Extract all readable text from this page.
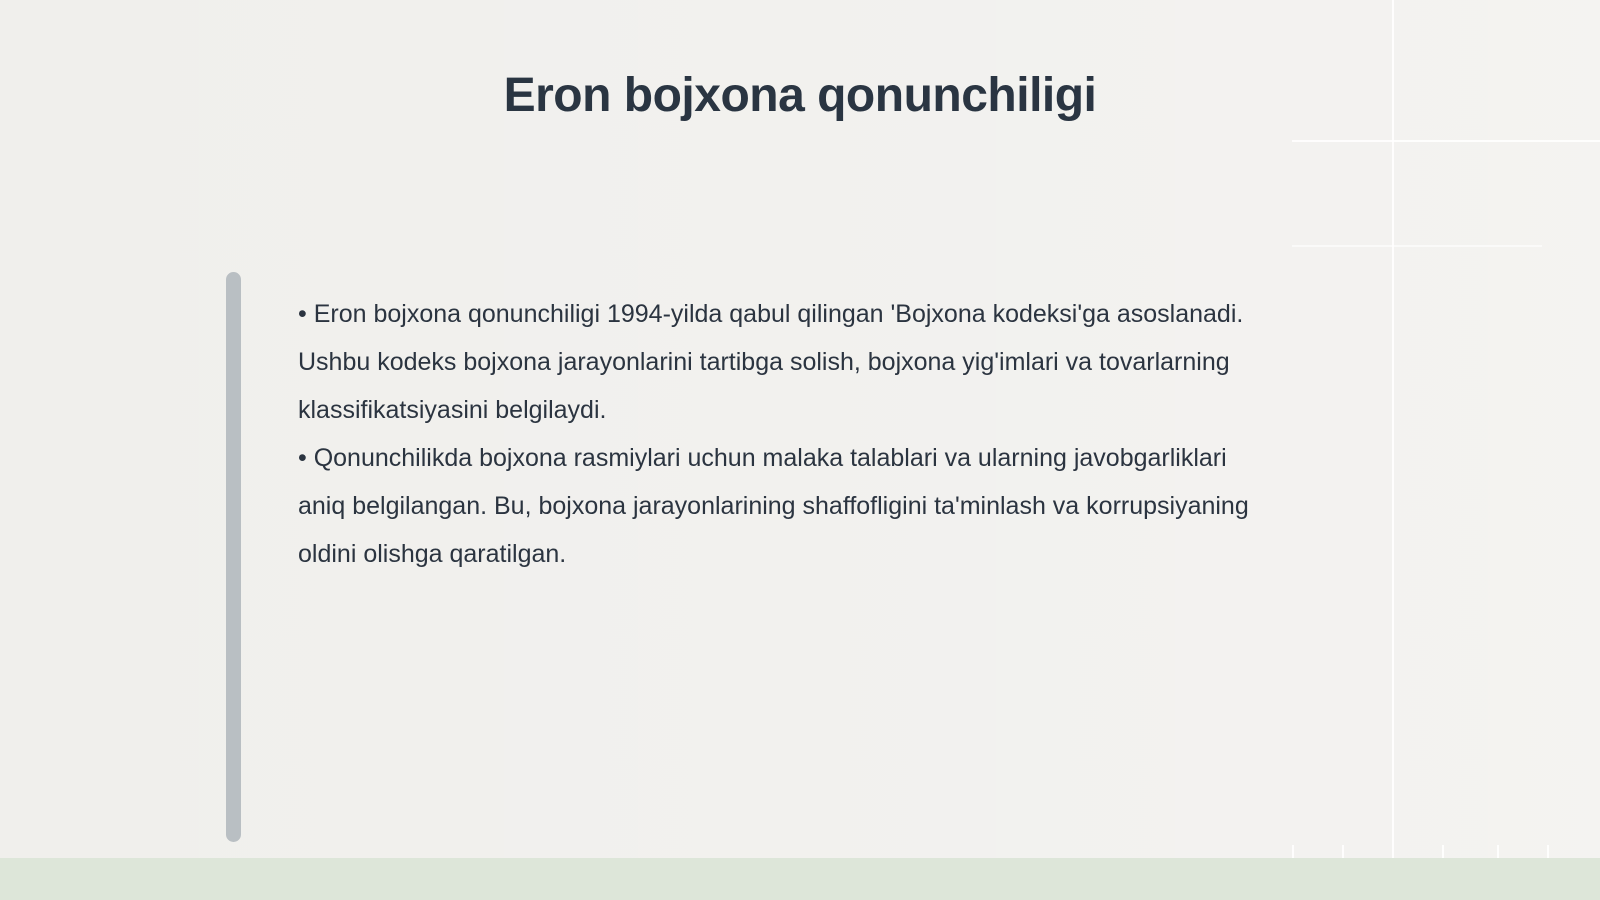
Eron bojxona qonunchiligi

• Eron bojxona qonunchiligi 1994-yilda qabul qilingan 'Bojxona kodeksi'ga asoslanadi. Ushbu kodeks bojxona jarayonlarini tartibga solish, bojxona yig'imlari va tovarlarning klassifikatsiyasini belgilaydi.

• Qonunchilikda bojxona rasmiylari uchun malaka talablari va ularning javobgarliklari aniq belgilangan. Bu, bojxona jarayonlarining shaffofligini ta'minlash va korrupsiyaning oldini olishga qaratilgan.
